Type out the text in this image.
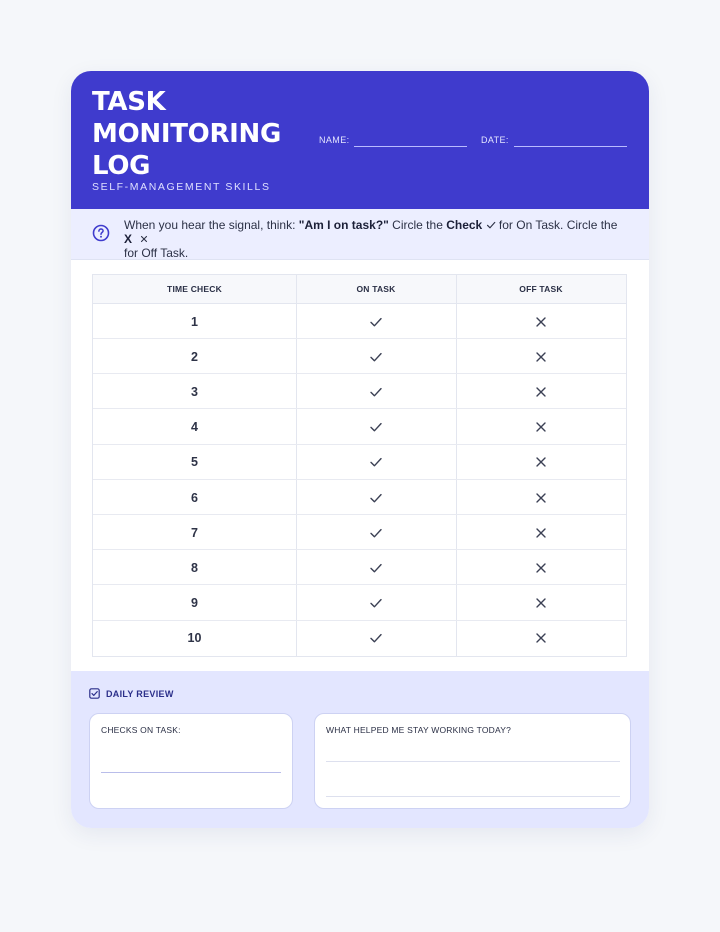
TASK
MONITORING
LOG
SELF-MANAGEMENT SKILLS
NAME:	DATE:
When you hear the signal, think: "Am I on task?" Circle the Check  for On Task. Circle the X
for Off Task.
TIME CHECK	ON TASK	OFF TASK
1
2
3
4
5
6
7
8
9
10
DAILY REVIEW
CHECKS ON TASK:	WHAT HELPED ME STAY WORKING TODAY?
